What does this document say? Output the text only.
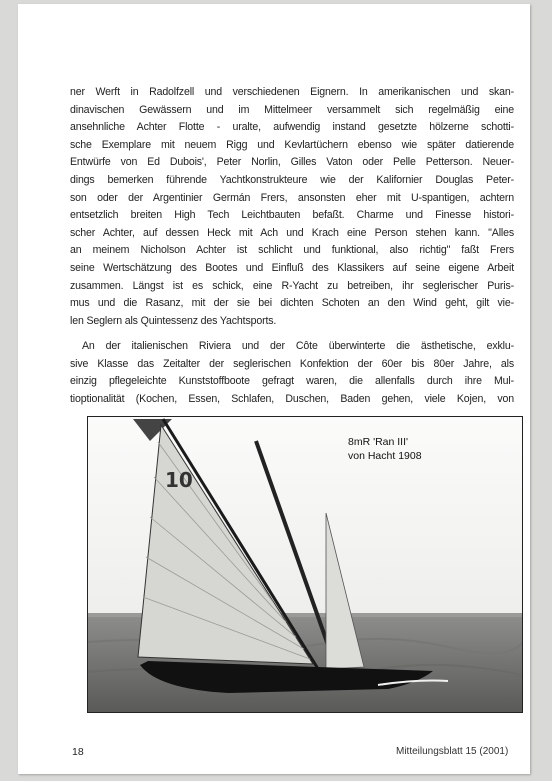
ner Werft in Radolfzell und verschiedenen Eignern. In amerikanischen und skan-
dinavischen Gewässern und im Mittelmeer versammelt sich regelmäßig eine
ansehnliche Achter Flotte - uralte, aufwendig instand gesetzte hölzerne schotti-
sche Exemplare mit neuem Rigg und Kevlartüchern ebenso wie später datierende
Entwürfe von Ed Dubois', Peter Norlin, Gilles Vaton oder Pelle Petterson. Neuer-
dings bemerken führende Yachtkonstrukteure wie der Kalifornier Douglas Peter-
son oder der Argentinier Germán Frers, ansonsten eher mit U-spantigen, achtern
entsetzlich breiten High Tech Leichtbauten befaßt. Charme und Finesse histori-
scher Achter, auf dessen Heck mit Ach und Krach eine Person stehen kann. "Alles
an meinem Nicholson Achter ist schlicht und funktional, also richtig" faßt Frers
seine Wertschätzung des Bootes und Einfluß des Klassikers auf seine eigene Arbeit
zusammen. Längst ist es schick, eine R-Yacht zu betreiben, ihr seglerischer Puris-
mus und die Rasanz, mit der sie bei dichten Schoten an den Wind geht, gilt vie-
len Seglern als Quintessenz des Yachtsports.
An der italienischen Riviera und der Côte überwinterte die ästhetische, exklu-
sive Klasse das Zeitalter der seglerischen Konfektion der 60er bis 80er Jahre, als
einzig pflegeleichte Kunststoffboote gefragt waren, die allenfalls durch ihre Mul-
tioptionalität (Kochen, Essen, Schlafen, Duschen, Baden gehen, viele Kojen, von
10
8mR 'Ran III'
von Hacht 1908
18	Mitteilungsblatt 15 (2001)
